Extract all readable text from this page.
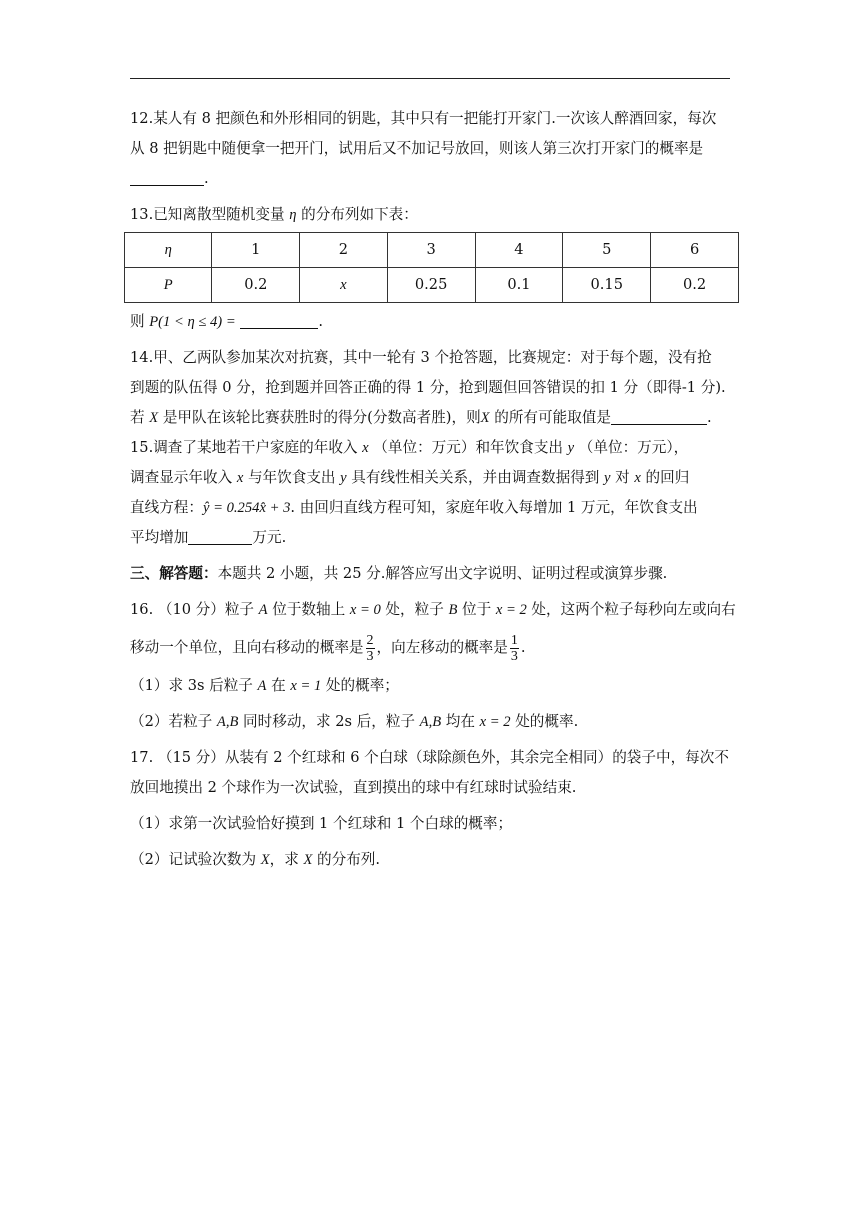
12.某人有 8 把颜色和外形相同的钥匙，其中只有一把能打开家门.一次该人醉酒回家，每次
从 8 把钥匙中随便拿一把开门，试用后又不加记号放回，则该人第三次打开家门的概率是
.
13.已知离散型随机变量 η 的分布列如下表：
η	1	2	3	4	5	6
P	0.2	x	0.25	0.1	0.15	0.2
则 P(1 < η ≤ 4) =	.
14.甲、乙两队参加某次对抗赛，其中一轮有 3 个抢答题，比赛规定：对于每个题，没有抢
到题的队伍得 0 分，抢到题并回答正确的得 1 分，抢到题但回答错误的扣 1 分（即得-1 分).
若 X 是甲队在该轮比赛获胜时的得分(分数高者胜)，则X 的所有可能取值是	.
15.调查了某地若干户家庭的年收入 x （单位：万元）和年饮食支出 y （单位：万元），
调查显示年收入 x 与年饮食支出 y 具有线性相关关系，并由调查数据得到 y 对 x 的回归
直线方程：ŷ = 0.254x̂ + 3. 由回归直线方程可知，家庭年收入每增加 1 万元，年饮食支出
平均增加	万元.
三、解答题：本题共 2 小题，共 25 分.解答应写出文字说明、证明过程或演算步骤.
16. （10 分）粒子 A 位于数轴上 x = 0 处，粒子 B 位于 x = 2 处，这两个粒子每秒向左或向右
移动一个单位，且向右移动的概率是 $\frac{2}{3}$ ，向左移动的概率是 $\frac{1}{3}$ .
（1）求 3s 后粒子 A 在 x = 1 处的概率；
（2）若粒子 A,B 同时移动，求 2s 后，粒子 A,B 均在 x = 2 处的概率.
17. （15 分）从装有 2 个红球和 6 个白球（球除颜色外，其余完全相同）的袋子中，每次不
放回地摸出 2 个球作为一次试验，直到摸出的球中有红球时试验结束.
（1）求第一次试验恰好摸到 1 个红球和 1 个白球的概率；
（2）记试验次数为 X，求 X 的分布列.
